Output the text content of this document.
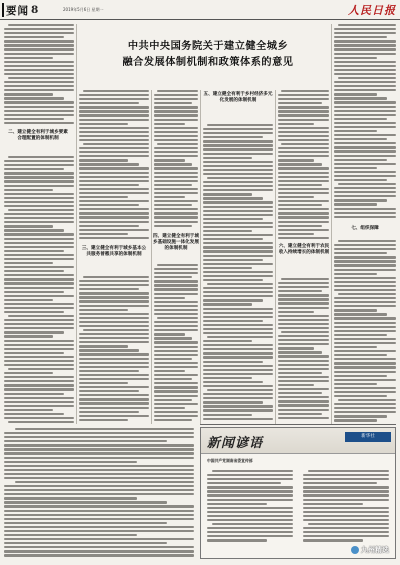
要闻 8	2019年5月6日 星期一	人民日报
中共中央国务院关于建立健全城乡
融合发展体制机制和政策体系的意见
二、建立健全有利于城乡要素合理配置的体制机制
三、建立健全有利于城乡基本公共服务普惠共享的体制机制
四、建立健全有利于城乡基础设施一体化发展的体制机制
五、建立健全有利于乡村经济多元化发展的体制机制
六、建立健全有利于农民收入持续增长的体制机制
七、组织保障
新闻谚语	新华社
中国共产党湖南省委宣传部
九州精选
